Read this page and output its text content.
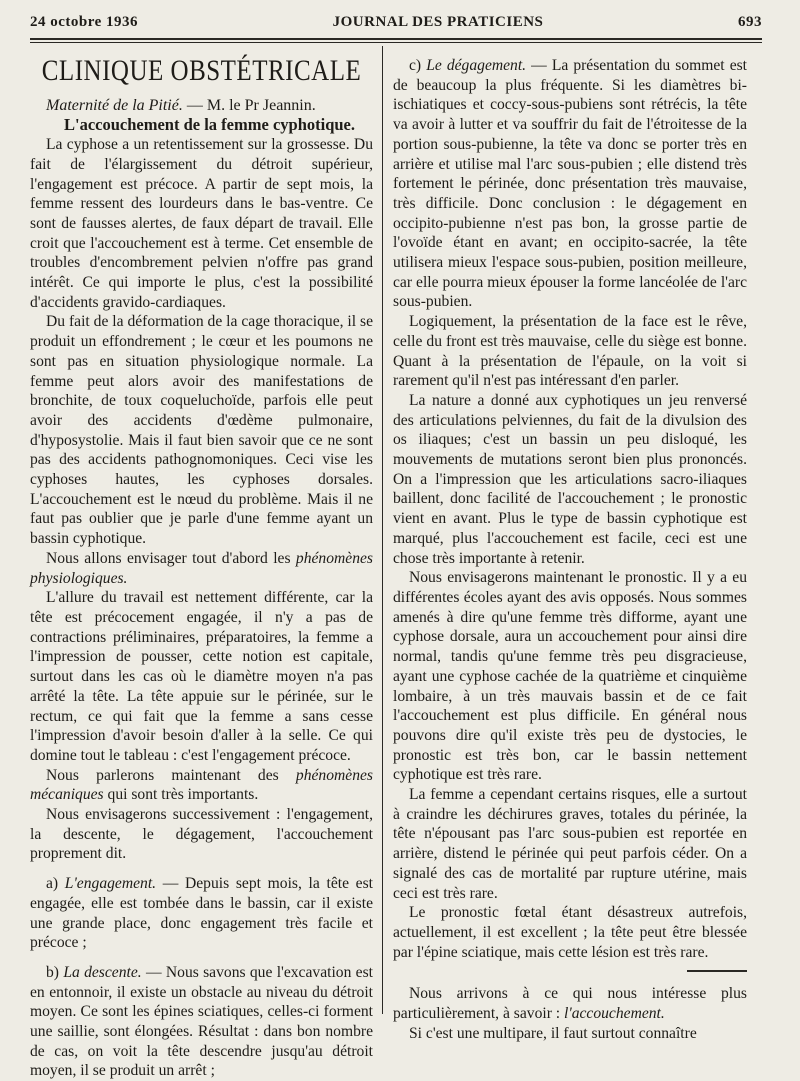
24 octobre 1936	JOURNAL DES PRATICIENS	693
CLINIQUE OBSTÉTRICALE

Maternité de la Pitié. — M. le Pr Jeannin.

L'accouchement de la femme cyphotique.

La cyphose a un retentissement sur la grossesse. Du fait de l'élargissement du détroit supérieur, l'engagement est précoce. A partir de sept mois, la femme ressent des lourdeurs dans le bas-ventre. Ce sont de fausses alertes, de faux départ de travail. Elle croit que l'accouchement est à terme. Cet ensemble de troubles d'encombrement pelvien n'offre pas grand intérêt. Ce qui importe le plus, c'est la possibilité d'accidents gravido-cardiaques.

Du fait de la déformation de la cage thoracique, il se produit un effondrement ; le cœur et les poumons ne sont pas en situation physiologique normale. La femme peut alors avoir des manifestations de bronchite, de toux coqueluchoïde, parfois elle peut avoir des accidents d'œdème pulmonaire, d'hyposystolie. Mais il faut bien savoir que ce ne sont pas des accidents pathognomoniques. Ceci vise les cyphoses hautes, les cyphoses dorsales. L'accouchement est le nœud du problème. Mais il ne faut pas oublier que je parle d'une femme ayant un bassin cyphotique.

Nous allons envisager tout d'abord les phénomènes physiologiques.

L'allure du travail est nettement différente, car la tête est précocement engagée, il n'y a pas de contractions préliminaires, préparatoires, la femme a l'impression de pousser, cette notion est capitale, surtout dans les cas où le diamètre moyen n'a pas arrêté la tête. La tête appuie sur le périnée, sur le rectum, ce qui fait que la femme a sans cesse l'impression d'avoir besoin d'aller à la selle. Ce qui domine tout le tableau : c'est l'engagement précoce.

Nous parlerons maintenant des phénomènes mécaniques qui sont très importants.

Nous envisagerons successivement : l'engagement, la descente, le dégagement, l'accouchement proprement dit.

a) L'engagement. — Depuis sept mois, la tête est engagée, elle est tombée dans le bassin, car il existe une grande place, donc engagement très facile et précoce ;

b) La descente. — Nous savons que l'excavation est en entonnoir, il existe un obstacle au niveau du détroit moyen. Ce sont les épines sciatiques, celles-ci forment une saillie, sont élongées. Résultat : dans bon nombre de cas, on voit la tête descendre jusqu'au détroit moyen, il se produit un arrêt ;

c) Le dégagement. — La présentation du sommet est de beaucoup la plus fréquente. Si les diamètres bi-ischiatiques et coccy-sous-pubiens sont rétrécis, la tête va avoir à lutter et va souffrir du fait de l'étroitesse de la portion sous-pubienne, la tête va donc se porter très en arrière et utilise mal l'arc sous-pubien ; elle distend très fortement le périnée, donc présentation très mauvaise, très difficile. Donc conclusion : le dégagement en occipito-pubienne n'est pas bon, la grosse partie de l'ovoïde étant en avant; en occipito-sacrée, la tête utilisera mieux l'espace sous-pubien, position meilleure, car elle pourra mieux épouser la forme lancéolée de l'arc sous-pubien.

Logiquement, la présentation de la face est le rêve, celle du front est très mauvaise, celle du siège est bonne. Quant à la présentation de l'épaule, on la voit si rarement qu'il n'est pas intéressant d'en parler.

La nature a donné aux cyphotiques un jeu renversé des articulations pelviennes, du fait de la divulsion des os iliaques; c'est un bassin un peu disloqué, les mouvements de mutations seront bien plus prononcés. On a l'impression que les articulations sacro-iliaques baillent, donc facilité de l'accouchement ; le pronostic vient en avant. Plus le type de bassin cyphotique est marqué, plus l'accouchement est facile, ceci est une chose très importante à retenir.

Nous envisagerons maintenant le pronostic. Il y a eu différentes écoles ayant des avis opposés. Nous sommes amenés à dire qu'une femme très difforme, ayant une cyphose dorsale, aura un accouchement pour ainsi dire normal, tandis qu'une femme très peu disgracieuse, ayant une cyphose cachée de la quatrième et cinquième lombaire, à un très mauvais bassin et de ce fait l'accouchement est plus difficile. En général nous pouvons dire qu'il existe très peu de dystocies, le pronostic est très bon, car le bassin nettement cyphotique est très rare.

La femme a cependant certains risques, elle a surtout à craindre les déchirures graves, totales du périnée, la tête n'épousant pas l'arc sous-pubien est reportée en arrière, distend le périnée qui peut parfois céder. On a signalé des cas de mortalité par rupture utérine, mais ceci est très rare.

Le pronostic fœtal étant désastreux autrefois, actuellement, il est excellent ; la tête peut être blessée par l'épine sciatique, mais cette lésion est très rare.

Nous arrivons à ce qui nous intéresse plus particulièrement, à savoir : l'accouchement.

Si c'est une multipare, il faut surtout connaître
